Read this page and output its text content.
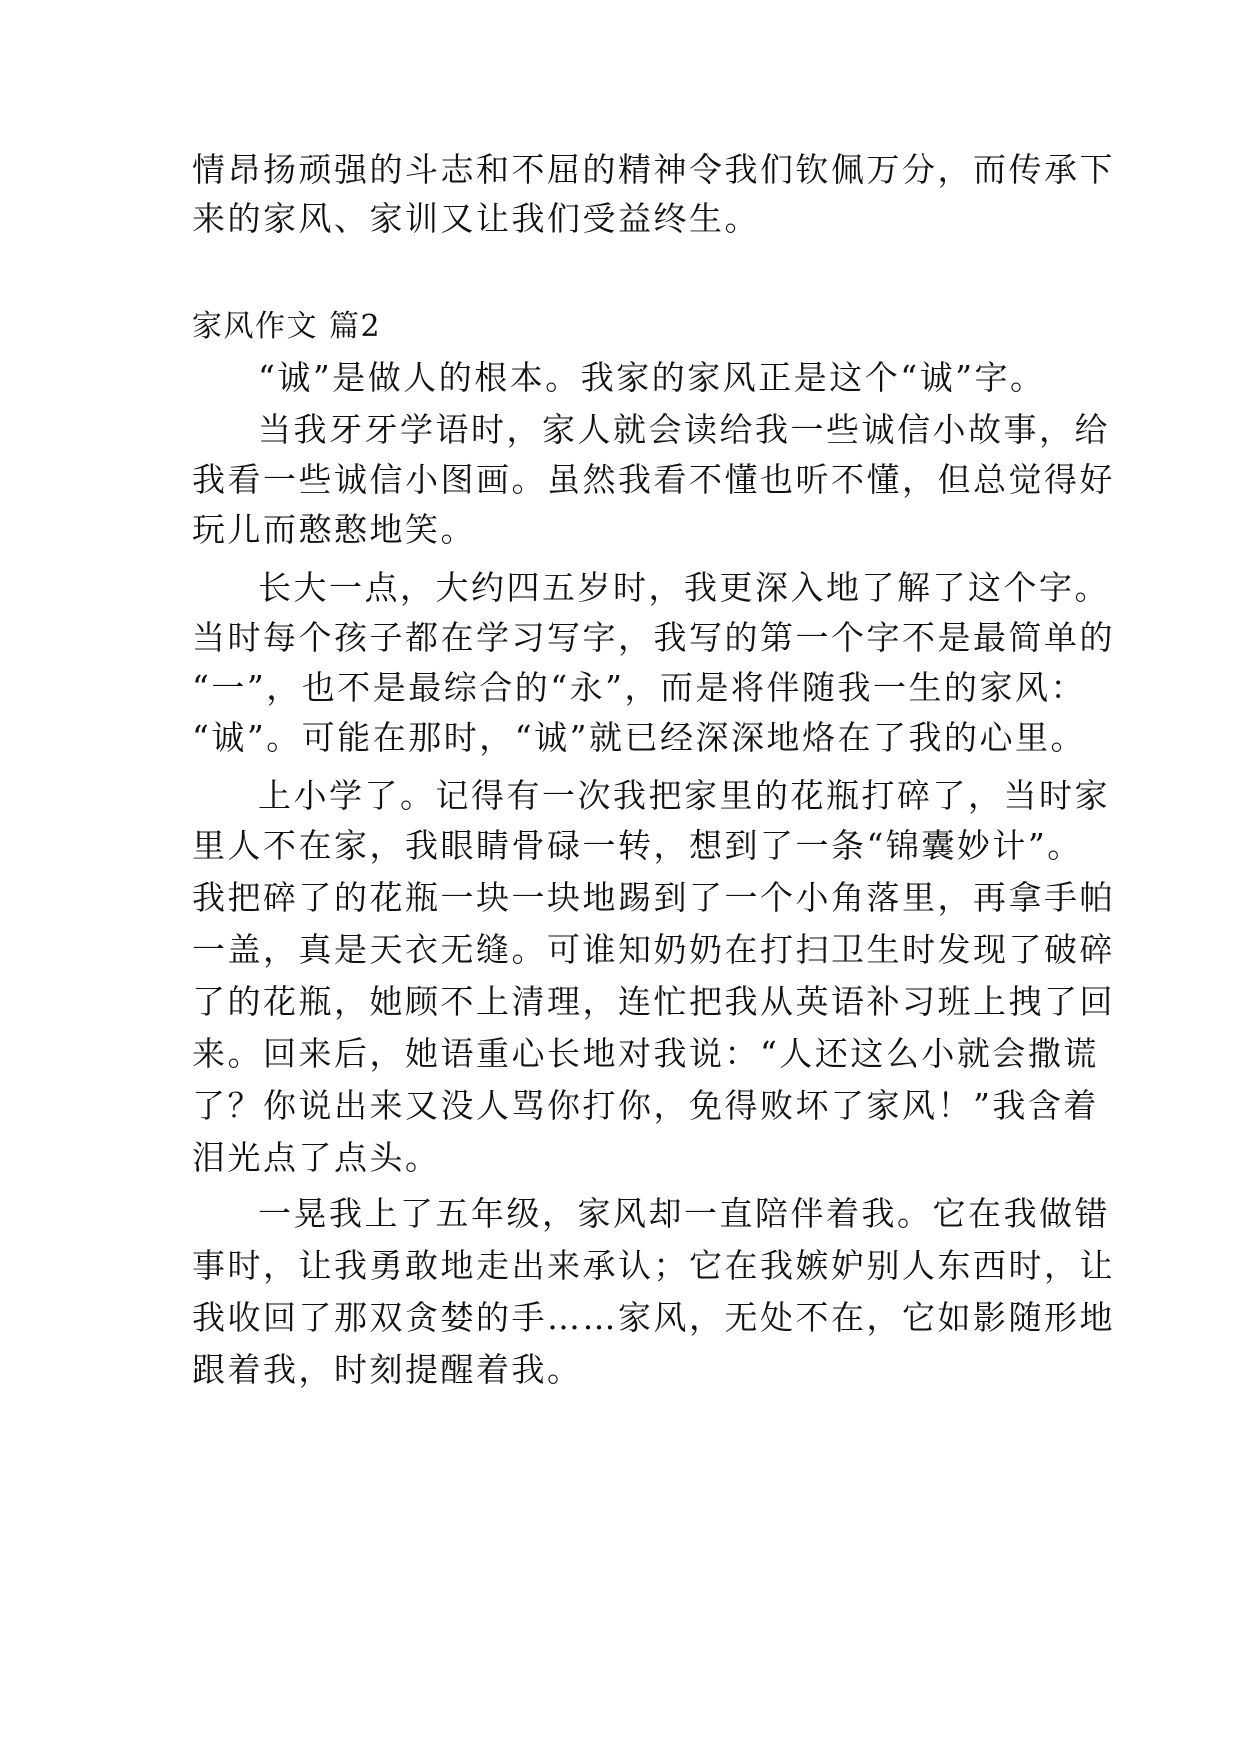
情昂扬顽强的斗志和不屈的精神令我们钦佩万分，而传承下
来的家风、家训又让我们受益终生。
家风作文 篇2
“诚”是做人的根本。我家的家风正是这个“诚”字。
当我牙牙学语时，家人就会读给我一些诚信小故事，给
我看一些诚信小图画。虽然我看不懂也听不懂，但总觉得好
玩儿而憨憨地笑。
长大一点，大约四五岁时，我更深入地了解了这个字。
当时每个孩子都在学习写字，我写的第一个字不是最简单的
“一”，也不是最综合的“永”，而是将伴随我一生的家风：
“诚”。可能在那时，“诚”就已经深深地烙在了我的心里。
上小学了。记得有一次我把家里的花瓶打碎了，当时家
里人不在家，我眼睛骨碌一转，想到了一条“锦囊妙计”。
我把碎了的花瓶一块一块地踢到了一个小角落里，再拿手帕
一盖，真是天衣无缝。可谁知奶奶在打扫卫生时发现了破碎
了的花瓶，她顾不上清理，连忙把我从英语补习班上拽了回
来。回来后，她语重心长地对我说：“人还这么小就会撒谎
了？你说出来又没人骂你打你，免得败坏了家风！”我含着
泪光点了点头。
一晃我上了五年级，家风却一直陪伴着我。它在我做错
事时，让我勇敢地走出来承认；它在我嫉妒别人东西时，让
我收回了那双贪婪的手……家风，无处不在，它如影随形地
跟着我，时刻提醒着我。
